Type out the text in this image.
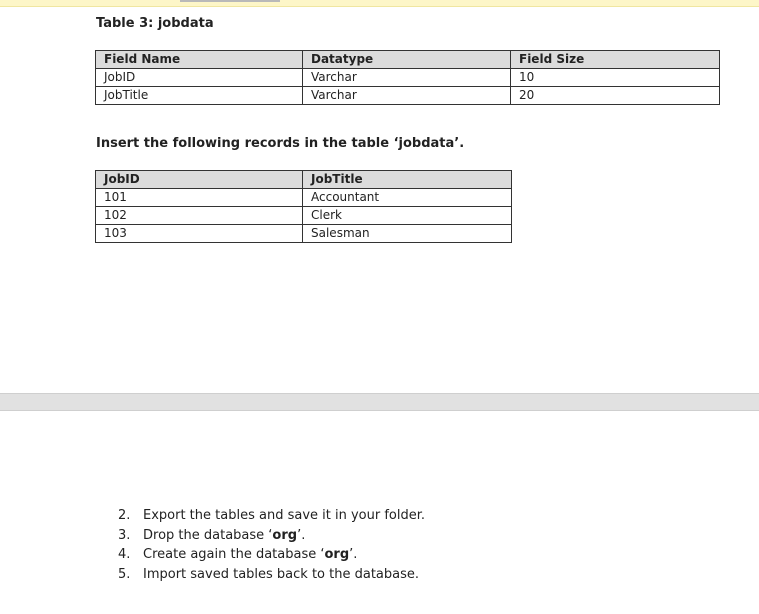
Table 3: jobdata
Field Name	Datatype	Field Size
JobID	Varchar	10
JobTitle	Varchar	20
Insert the following records in the table ‘jobdata’.
JobID	JobTitle
101	Accountant
102	Clerk
103	Salesman
2. Export the tables and save it in your folder.
3. Drop the database ‘org’.
4. Create again the database ‘org’.
5. Import saved tables back to the database.
